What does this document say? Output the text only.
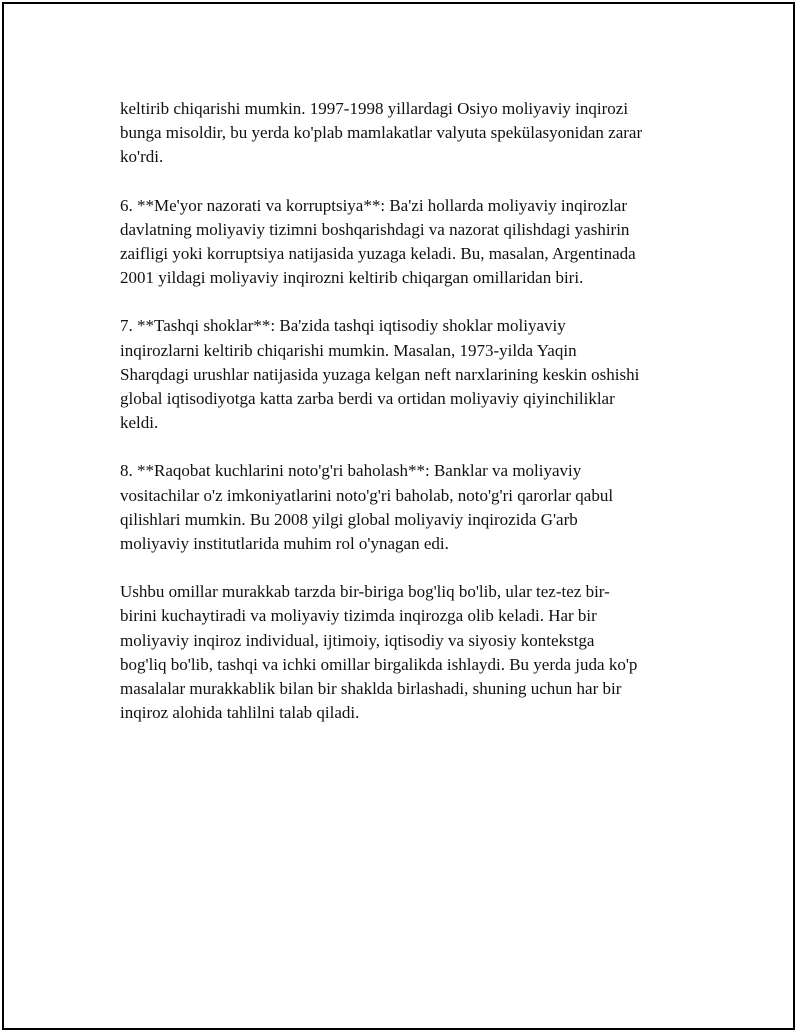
keltirib chiqarishi mumkin. 1997-1998 yillardagi Osiyo moliyaviy inqirozi
bunga misoldir, bu yerda ko'plab mamlakatlar valyuta spekülasyonidan zarar
ko'rdi.

6. **Me'yor nazorati va korruptsiya**: Ba'zi hollarda moliyaviy inqirozlar
davlatning moliyaviy tizimni boshqarishdagi va nazorat qilishdagi yashirin
zaifligi yoki korruptsiya natijasida yuzaga keladi. Bu, masalan, Argentinada
2001 yildagi moliyaviy inqirozni keltirib chiqargan omillaridan biri.

7. **Tashqi shoklar**: Ba'zida tashqi iqtisodiy shoklar moliyaviy
inqirozlarni keltirib chiqarishi mumkin. Masalan, 1973-yilda Yaqin
Sharqdagi urushlar natijasida yuzaga kelgan neft narxlarining keskin oshishi
global iqtisodiyotga katta zarba berdi va ortidan moliyaviy qiyinchiliklar
keldi.

8. **Raqobat kuchlarini noto'g'ri baholash**: Banklar va moliyaviy
vositachilar o'z imkoniyatlarini noto'g'ri baholab, noto'g'ri qarorlar qabul
qilishlari mumkin. Bu 2008 yilgi global moliyaviy inqirozida G'arb
moliyaviy institutlarida muhim rol o'ynagan edi.

Ushbu omillar murakkab tarzda bir-biriga bog'liq bo'lib, ular tez-tez bir-
birini kuchaytiradi va moliyaviy tizimda inqirozga olib keladi. Har bir
moliyaviy inqiroz individual, ijtimoiy, iqtisodiy va siyosiy kontekstga
bog'liq bo'lib, tashqi va ichki omillar birgalikda ishlaydi. Bu yerda juda ko'p
masalalar murakkablik bilan bir shaklda birlashadi, shuning uchun har bir
inqiroz alohida tahlilni talab qiladi.
